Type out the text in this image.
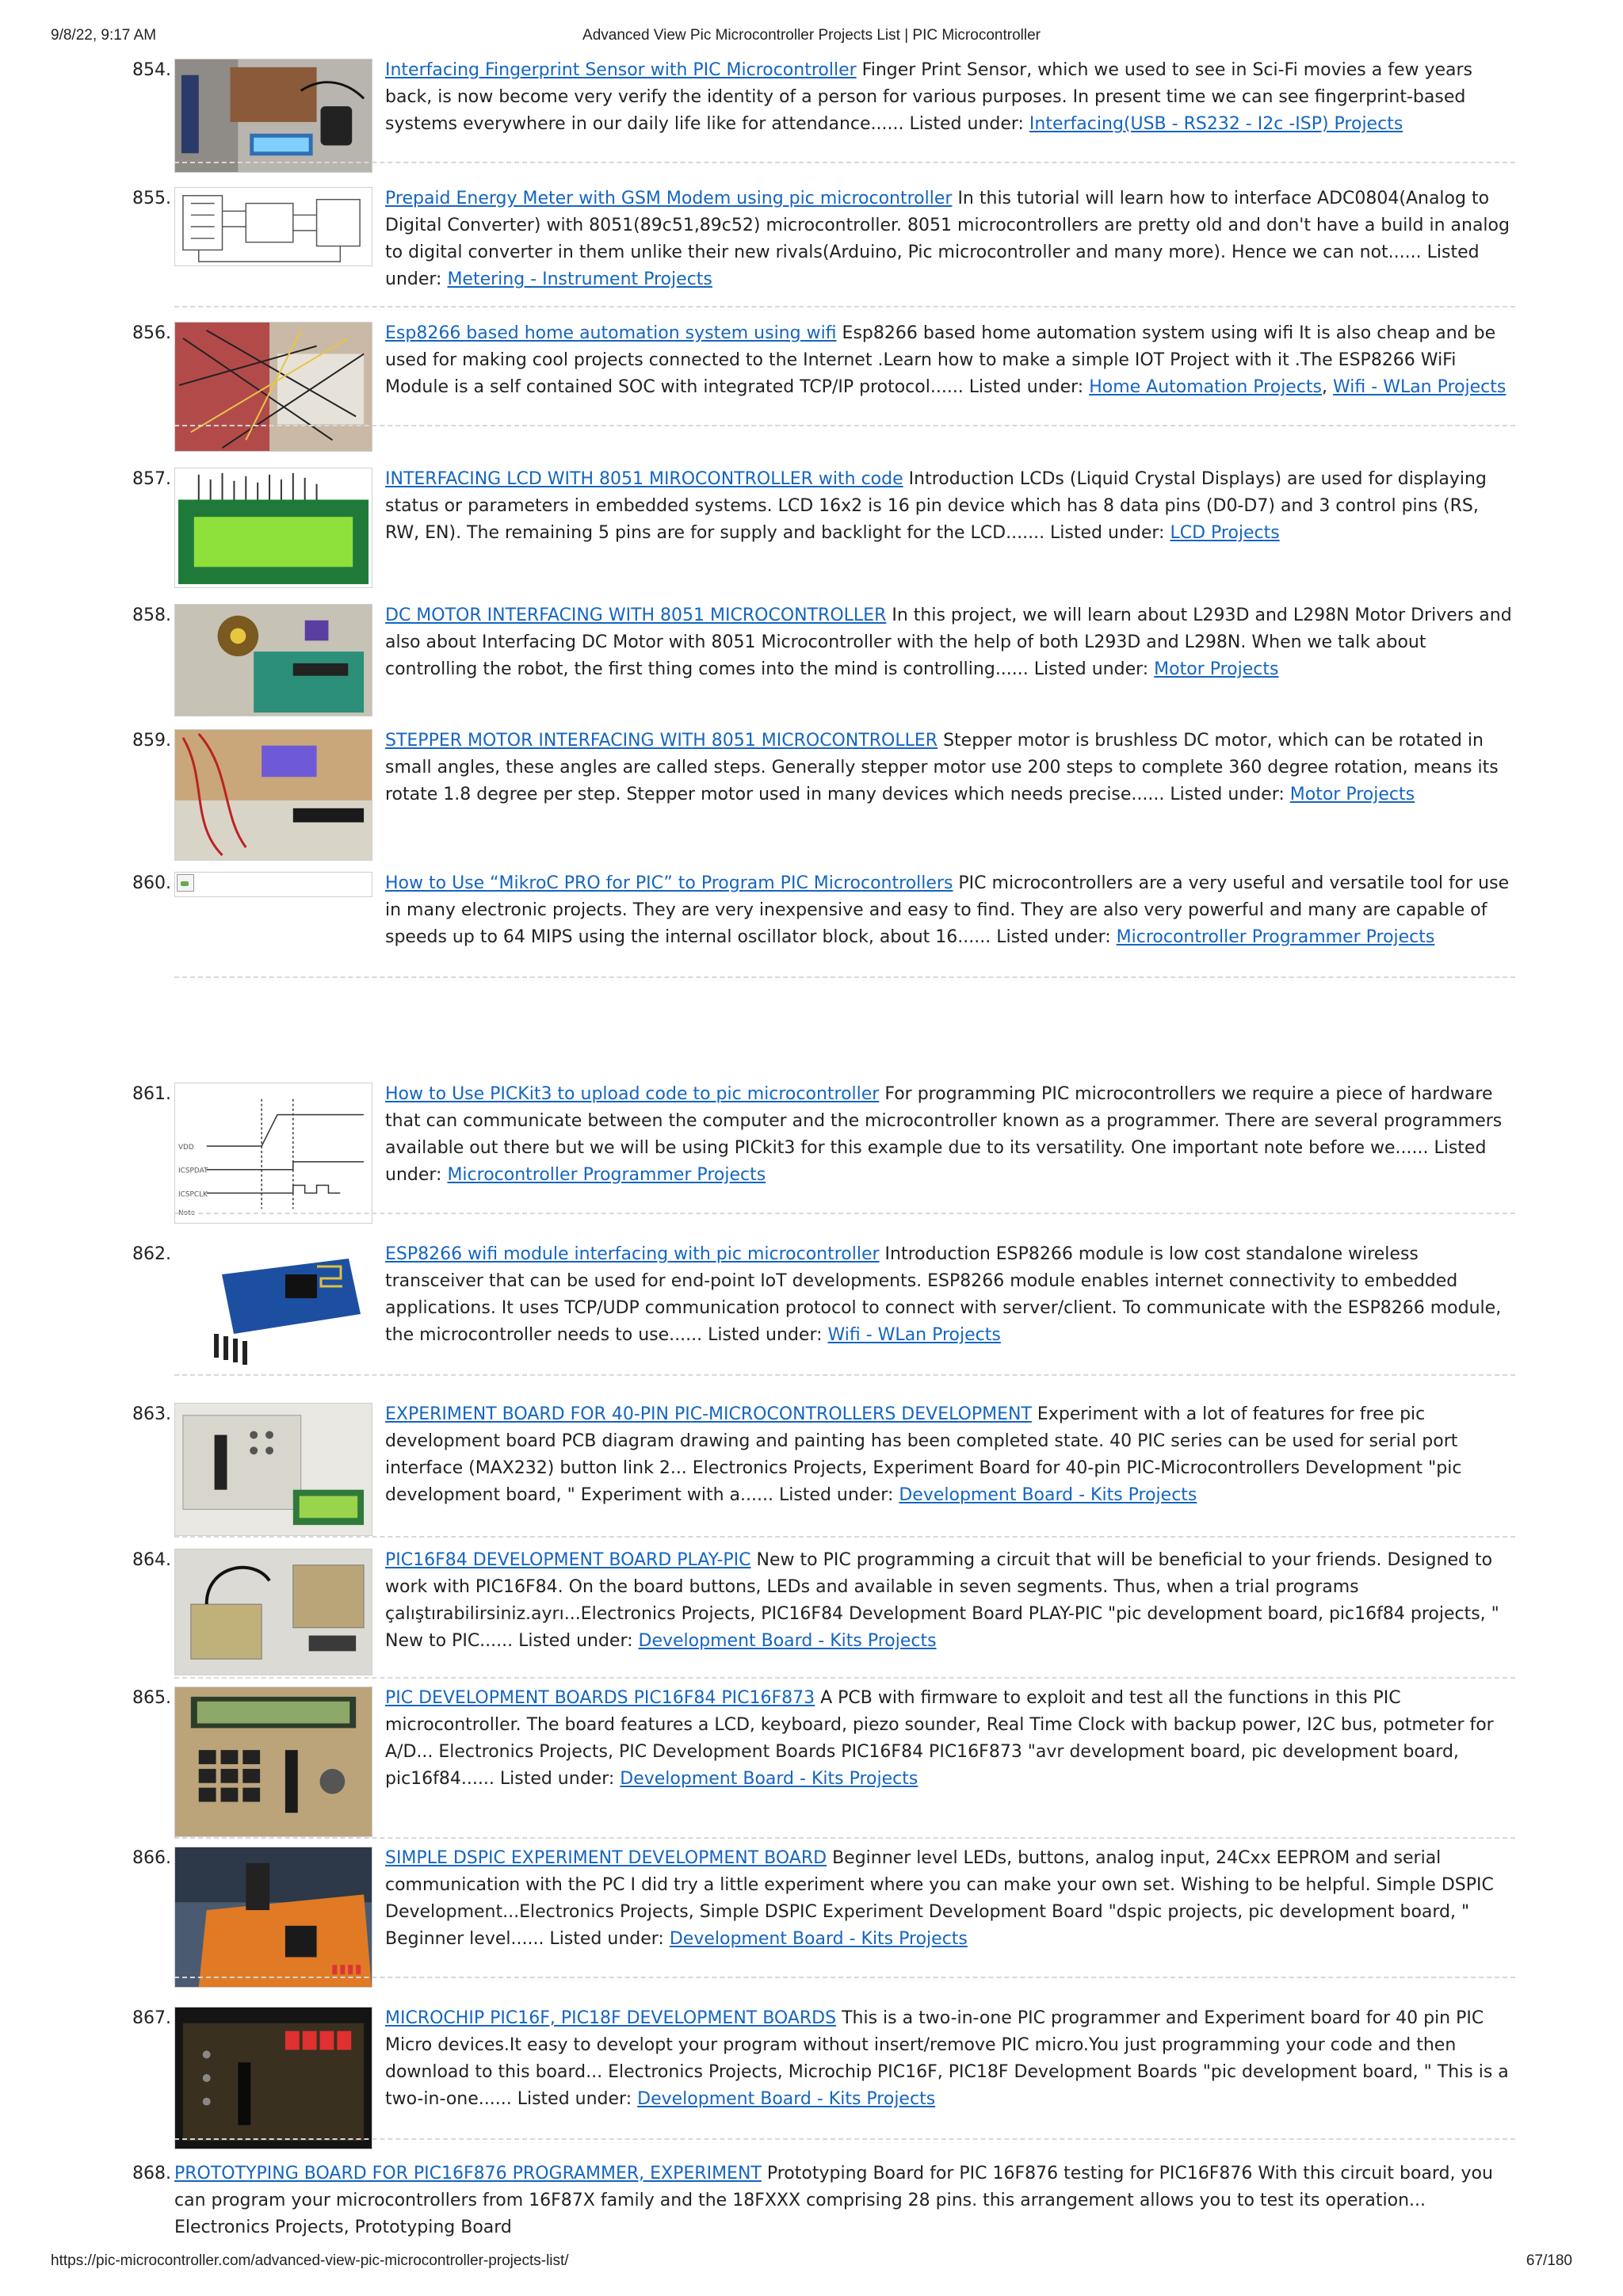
9/8/22, 9:17 AM	Advanced View Pic Microcontroller Projects List | PIC Microcontroller
854.	Interfacing Fingerprint Sensor with PIC Microcontroller Finger Print Sensor, which we used to see in Sci-Fi movies a few years back, is now become very verify the identity of a person for various purposes. In present time we can see fingerprint-based systems everywhere in our daily life like for attendance...... Listed under: Interfacing(USB - RS232 - I2c -ISP) Projects
855.	Prepaid Energy Meter with GSM Modem using pic microcontroller In this tutorial will learn how to interface ADC0804(Analog to Digital Converter) with 8051(89c51,89c52) microcontroller. 8051 microcontrollers are pretty old and don't have a build in analog to digital converter in them unlike their new rivals(Arduino, Pic microcontroller and many more). Hence we can not...... Listed under: Metering - Instrument Projects
856.	Esp8266 based home automation system using wifi Esp8266 based home automation system using wifi It is also cheap and be used for making cool projects connected to the Internet .Learn how to make a simple IOT Project with it .The ESP8266 WiFi Module is a self contained SOC with integrated TCP/IP protocol...... Listed under: Home Automation Projects, Wifi - WLan Projects
857.	INTERFACING LCD WITH 8051 MIROCONTROLLER with code Introduction LCDs (Liquid Crystal Displays) are used for displaying status or parameters in embedded systems. LCD 16x2 is 16 pin device which has 8 data pins (D0-D7) and 3 control pins (RS, RW, EN). The remaining 5 pins are for supply and backlight for the LCD....... Listed under: LCD Projects
858.	DC MOTOR INTERFACING WITH 8051 MICROCONTROLLER In this project, we will learn about L293D and L298N Motor Drivers and also about Interfacing DC Motor with 8051 Microcontroller with the help of both L293D and L298N. When we talk about controlling the robot, the first thing comes into the mind is controlling...... Listed under: Motor Projects
859.	STEPPER MOTOR INTERFACING WITH 8051 MICROCONTROLLER Stepper motor is brushless DC motor, which can be rotated in small angles, these angles are called steps. Generally stepper motor use 200 steps to complete 360 degree rotation, means its rotate 1.8 degree per step. Stepper motor used in many devices which needs precise...... Listed under: Motor Projects
860.	How to Use “MikroC PRO for PIC” to Program PIC Microcontrollers PIC microcontrollers are a very useful and versatile tool for use in many electronic projects. They are very inexpensive and easy to find. They are also very powerful and many are capable of speeds up to 64 MIPS using the internal oscillator block, about 16...... Listed under: Microcontroller Programmer Projects
861.
VDD
ICSPDAT
ICSPCLK
Note
How to Use PICKit3 to upload code to pic microcontroller For programming PIC microcontrollers we require a piece of hardware that can communicate between the computer and the microcontroller known as a programmer. There are several programmers available out there but we will be using PICkit3 for this example due to its versatility. One important note before we...... Listed under: Microcontroller Programmer Projects
862.	ESP8266 wifi module interfacing with pic microcontroller Introduction ESP8266 module is low cost standalone wireless transceiver that can be used for end-point IoT developments. ESP8266 module enables internet connectivity to embedded applications. It uses TCP/UDP communication protocol to connect with server/client. To communicate with the ESP8266 module, the microcontroller needs to use...... Listed under: Wifi - WLan Projects
863.	EXPERIMENT BOARD FOR 40-PIN PIC-MICROCONTROLLERS DEVELOPMENT Experiment with a lot of features for free pic development board PCB diagram drawing and painting has been completed state. 40 PIC series can be used for serial port interface (MAX232) button link 2... Electronics Projects, Experiment Board for 40-pin PIC-Microcontrollers Development "pic development board, " Experiment with a...... Listed under: Development Board - Kits Projects
864.	PIC16F84 DEVELOPMENT BOARD PLAY-PIC New to PIC programming a circuit that will be beneficial to your friends. Designed to work with PIC16F84. On the board buttons, LEDs and available in seven segments. Thus, when a trial programs çalıştırabilirsiniz.ayrı...Electronics Projects, PIC16F84 Development Board PLAY-PIC "pic development board, pic16f84 projects, " New to PIC...... Listed under: Development Board - Kits Projects
865.	PIC DEVELOPMENT BOARDS PIC16F84 PIC16F873 A PCB with firmware to exploit and test all the functions in this PIC microcontroller. The board features a LCD, keyboard, piezo sounder, Real Time Clock with backup power, I2C bus, potmeter for A/D... Electronics Projects, PIC Development Boards PIC16F84 PIC16F873 "avr development board, pic development board, pic16f84...... Listed under: Development Board - Kits Projects
866.	SIMPLE DSPIC EXPERIMENT DEVELOPMENT BOARD Beginner level LEDs, buttons, analog input, 24Cxx EEPROM and serial communication with the PC I did try a little experiment where you can make your own set. Wishing to be helpful. Simple DSPIC Development...Electronics Projects, Simple DSPIC Experiment Development Board "dspic projects, pic development board, " Beginner level...... Listed under: Development Board - Kits Projects
867.	MICROCHIP PIC16F, PIC18F DEVELOPMENT BOARDS This is a two-in-one PIC programmer and Experiment board for 40 pin PIC Micro devices.It easy to developt your program without insert/remove PIC micro.You just programming your code and then download to this board... Electronics Projects, Microchip PIC16F, PIC18F Development Boards "pic development board, " This is a two-in-one...... Listed under: Development Board - Kits Projects
868. PROTOTYPING BOARD FOR PIC16F876 PROGRAMMER, EXPERIMENT Prototyping Board for PIC 16F876 testing for PIC16F876 With this circuit board, you can program your microcontrollers from 16F87X family and the 18FXXX comprising 28 pins. this arrangement allows you to test its operation... Electronics Projects, Prototyping Board
https://pic-microcontroller.com/advanced-view-pic-microcontroller-projects-list/	67/180
